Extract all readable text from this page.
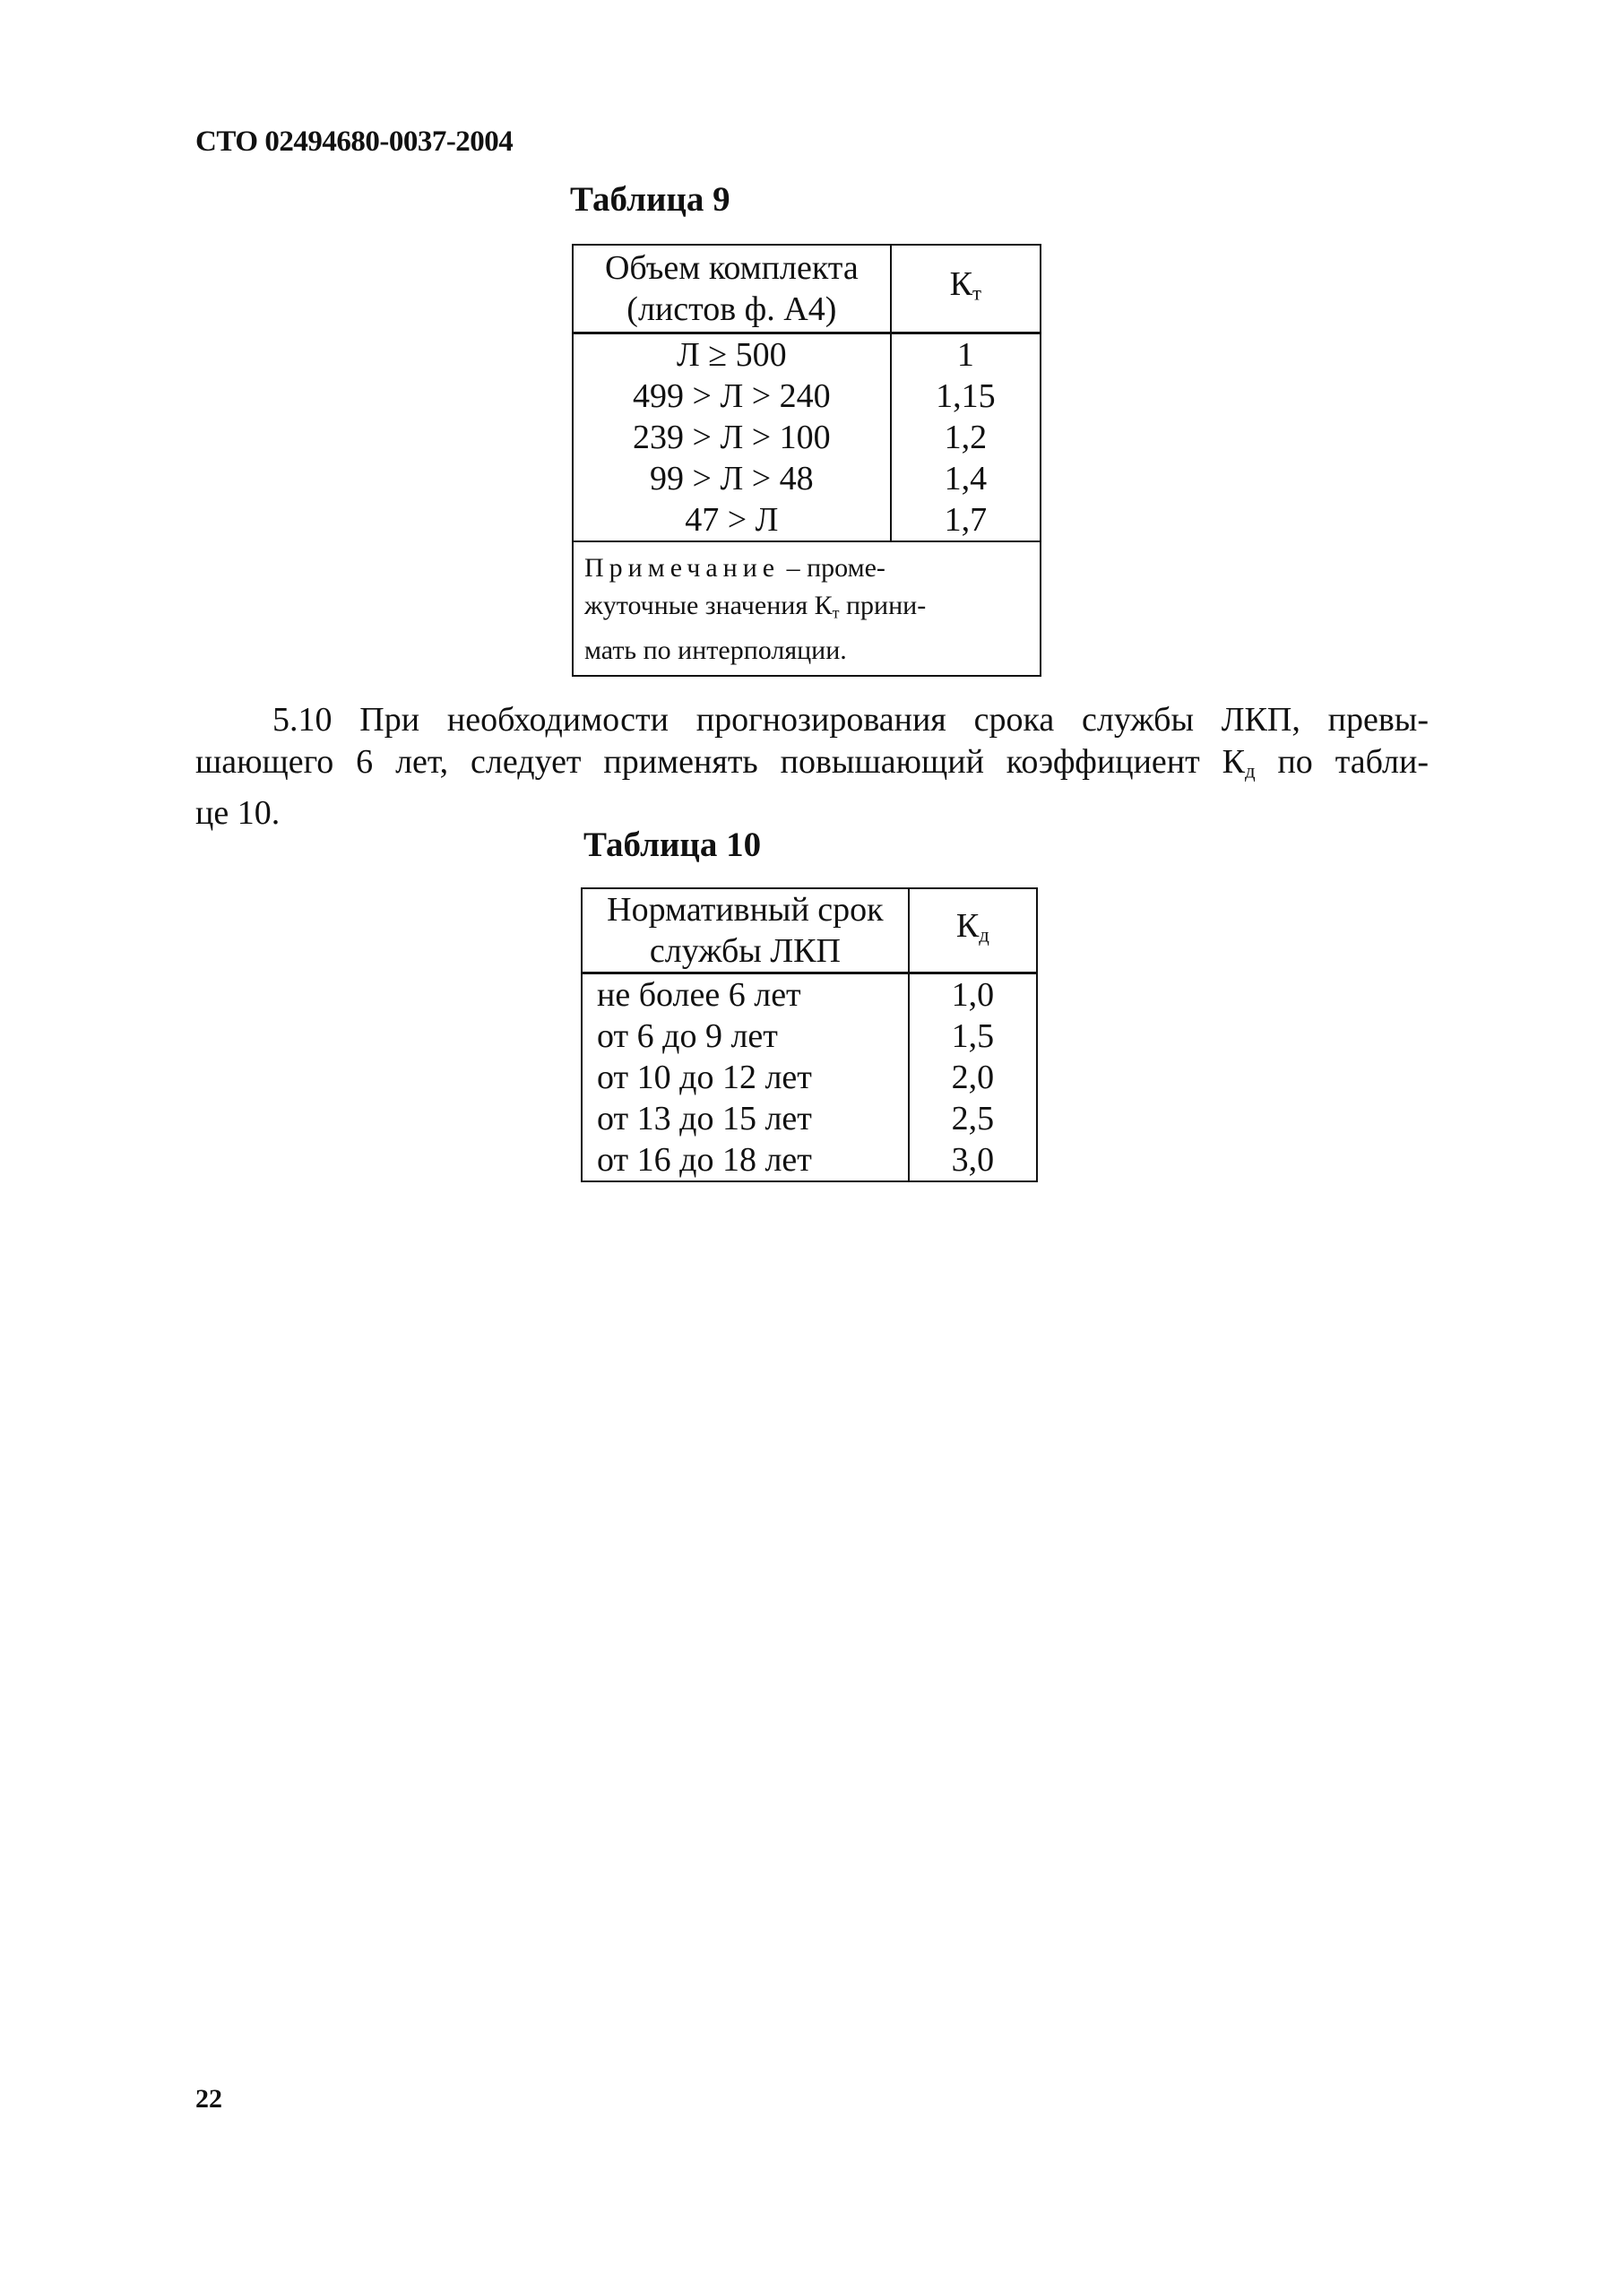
СТО 02494680-0037-2004
Таблица 9
Объем комплекта
(листов ф. А4)	$К_т$
Л ≥ 500	1
499 > Л > 240	1,15
239 > Л > 100	1,2
99 > Л > 48	1,4
47 > Л	1,7
Примечание – проме-
жуточные значения $К_т$ прини-
мать по интерполяции.	
5.10 При необходимости прогнозирования срока службы ЛКП, превы-
шающего 6 лет, следует применять повышающий коэффициент $К_д$ по табли-
це 10.
Таблица 10
Нормативный срок
службы ЛКП	$К_д$
не более 6 лет	1,0
от 6 до 9 лет	1,5
от 10 до 12 лет	2,0
от 13 до 15 лет	2,5
от 16 до 18 лет	3,0
22
